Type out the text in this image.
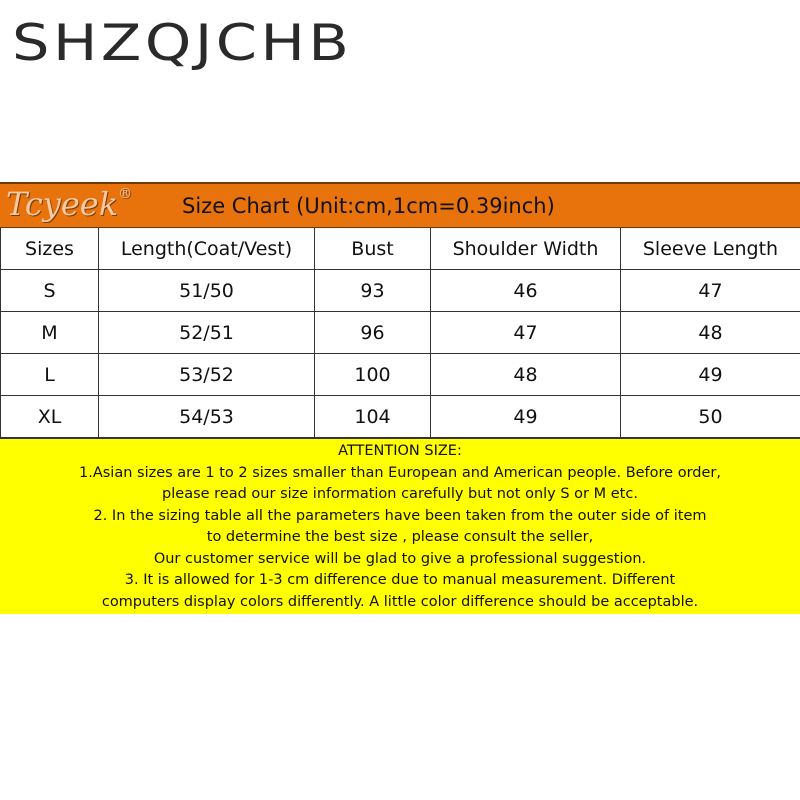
SHZQJCHB
Tcyeek® Size Chart (Unit:cm,1cm=0.39inch)
Sizes	Length(Coat/Vest)	Bust	Shoulder Width	Sleeve Length
S	51/50	93	46	47
M	52/51	96	47	48
L	53/52	100	48	49
XL	54/53	104	49	50
ATTENTION SIZE:
1.Asian sizes are 1 to 2 sizes smaller than European and American people. Before order,
please read our size information carefully but not only S or M etc.
2. In the sizing table all the parameters have been taken from the outer side of item
to determine the best size , please consult the seller,
Our customer service will be glad to give a professional suggestion.
3. It is allowed for 1-3 cm difference due to manual measurement. Different
computers display colors differently. A little color difference should be acceptable.
